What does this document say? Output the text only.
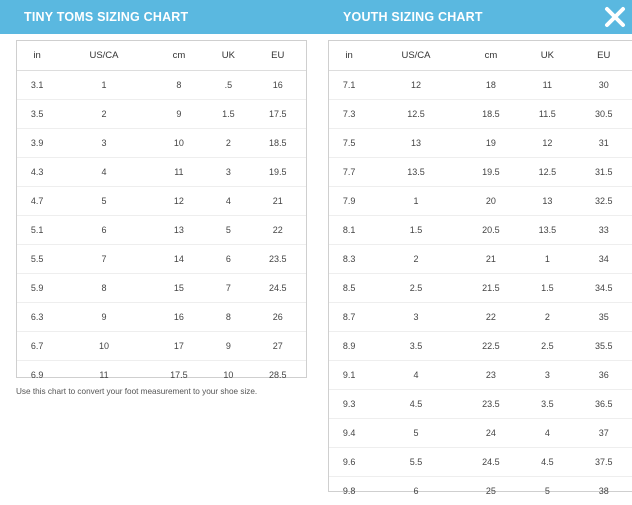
TINY TOMS SIZING CHART	YOUTH SIZING CHART
in	US/CA	cm	UK	EU
3.1	1	8	.5	16
3.5	2	9	1.5	17.5
3.9	3	10	2	18.5
4.3	4	11	3	19.5
4.7	5	12	4	21
5.1	6	13	5	22
5.5	7	14	6	23.5
5.9	8	15	7	24.5
6.3	9	16	8	26
6.7	10	17	9	27
6.9	11	17.5	10	28.5
Use this chart to convert your foot measurement to your shoe size.
in	US/CA	cm	UK	EU
7.1	12	18	11	30
7.3	12.5	18.5	11.5	30.5
7.5	13	19	12	31
7.7	13.5	19.5	12.5	31.5
7.9	1	20	13	32.5
8.1	1.5	20.5	13.5	33
8.3	2	21	1	34
8.5	2.5	21.5	1.5	34.5
8.7	3	22	2	35
8.9	3.5	22.5	2.5	35.5
9.1	4	23	3	36
9.3	4.5	23.5	3.5	36.5
9.4	5	24	4	37
9.6	5.5	24.5	4.5	37.5
9.8	6	25	5	38
